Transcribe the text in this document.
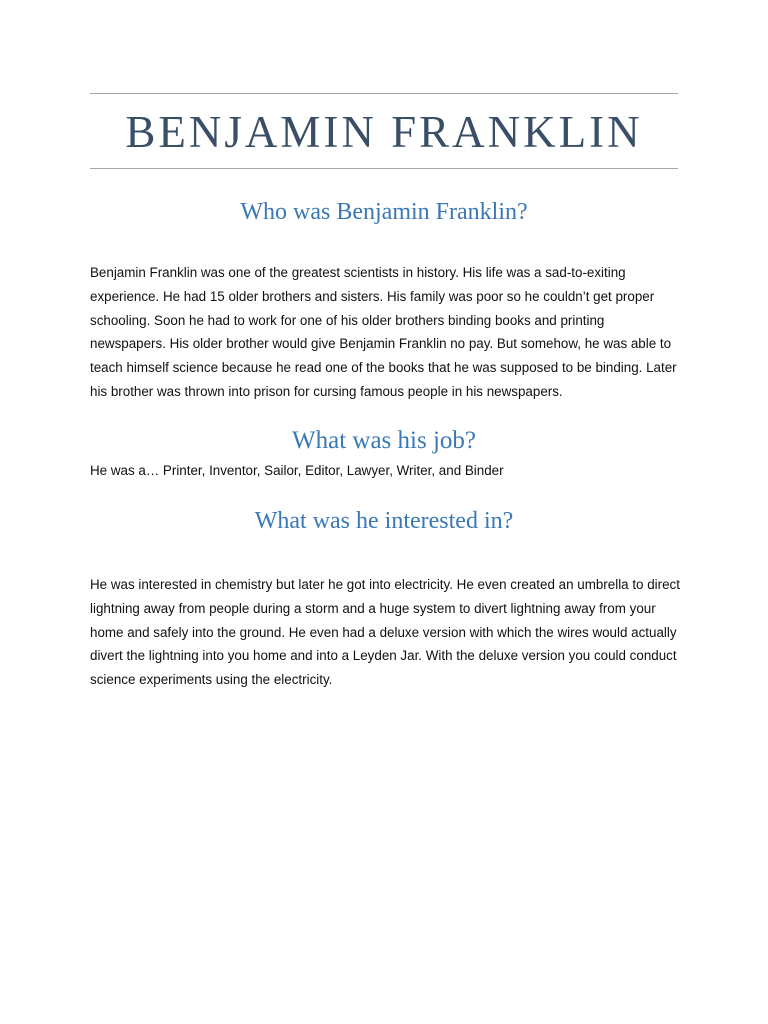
BENJAMIN FRANKLIN
Who was Benjamin Franklin?

Benjamin Franklin was one of the greatest scientists in history. His life was a sad-to-exiting experience. He had 15 older brothers and sisters. His family was poor so he couldn’t get proper schooling. Soon he had to work for one of his older brothers binding books and printing newspapers. His older brother would give Benjamin Franklin no pay. But somehow, he was able to teach himself science because he read one of the books that he was supposed to be binding. Later his brother was thrown into prison for cursing famous people in his newspapers.

What was his job?

He was a… Printer, Inventor, Sailor, Editor, Lawyer, Writer, and Binder

What was he interested in?

He was interested in chemistry but later he got into electricity. He even created an umbrella to direct lightning away from people during a storm and a huge system to divert lightning away from your home and safely into the ground. He even had a deluxe version with which the wires would actually divert the lightning into you home and into a Leyden Jar. With the deluxe version you could conduct science experiments using the electricity.
